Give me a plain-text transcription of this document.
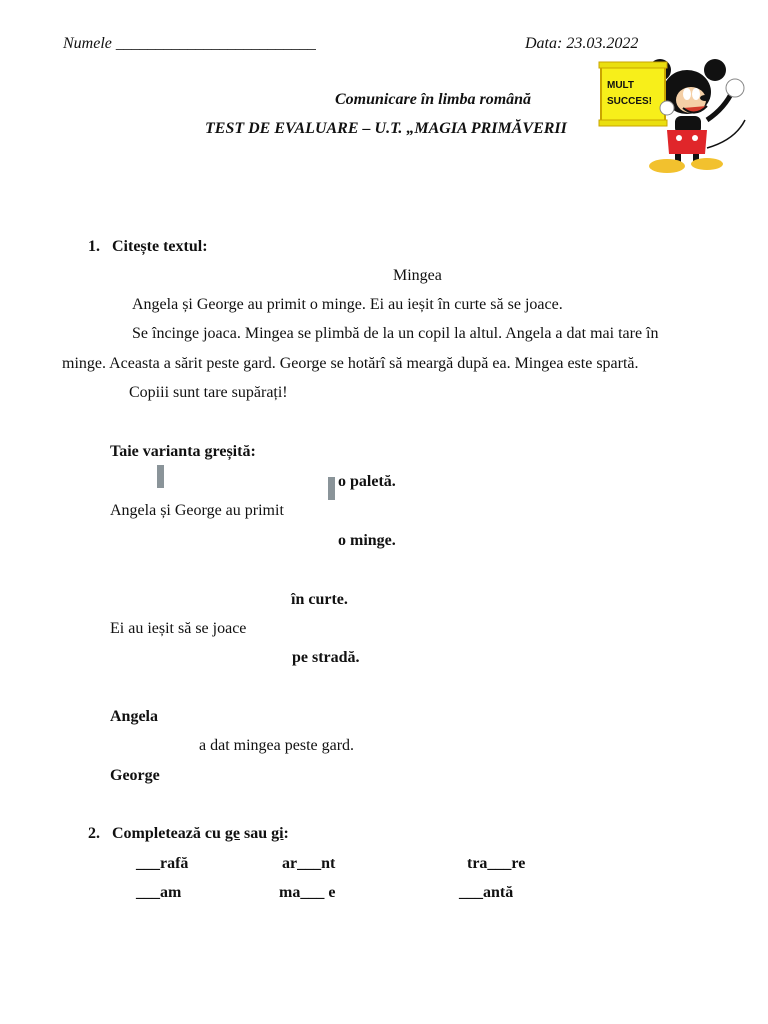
Numele _________________________	Data: 23.03.2022
Comunicare în limba română
TEST DE EVALUARE – U.T. „MAGIA PRIMĂVERII
MULT
SUCCES!
1. Citește textul:
Mingea
Angela și George au primit o minge. Ei au ieșit în curte să se joace.
Se încinge joaca. Mingea se plimbă de la un copil la altul. Angela a dat mai tare în
minge. Aceasta a sărit peste gard. George se hotărî să meargă după ea. Mingea este spartă.
Copiii sunt tare supărați!
Taie varianta greșită:
o paletă.
Angela și George au primit
o minge.
în curte.
Ei au ieșit să se joace
pe stradă.
Angela
a dat mingea peste gard.
George
2. Completează cu ge sau gi:
___rafă	ar___nt	tra___re
___am	ma___ e	___antă
